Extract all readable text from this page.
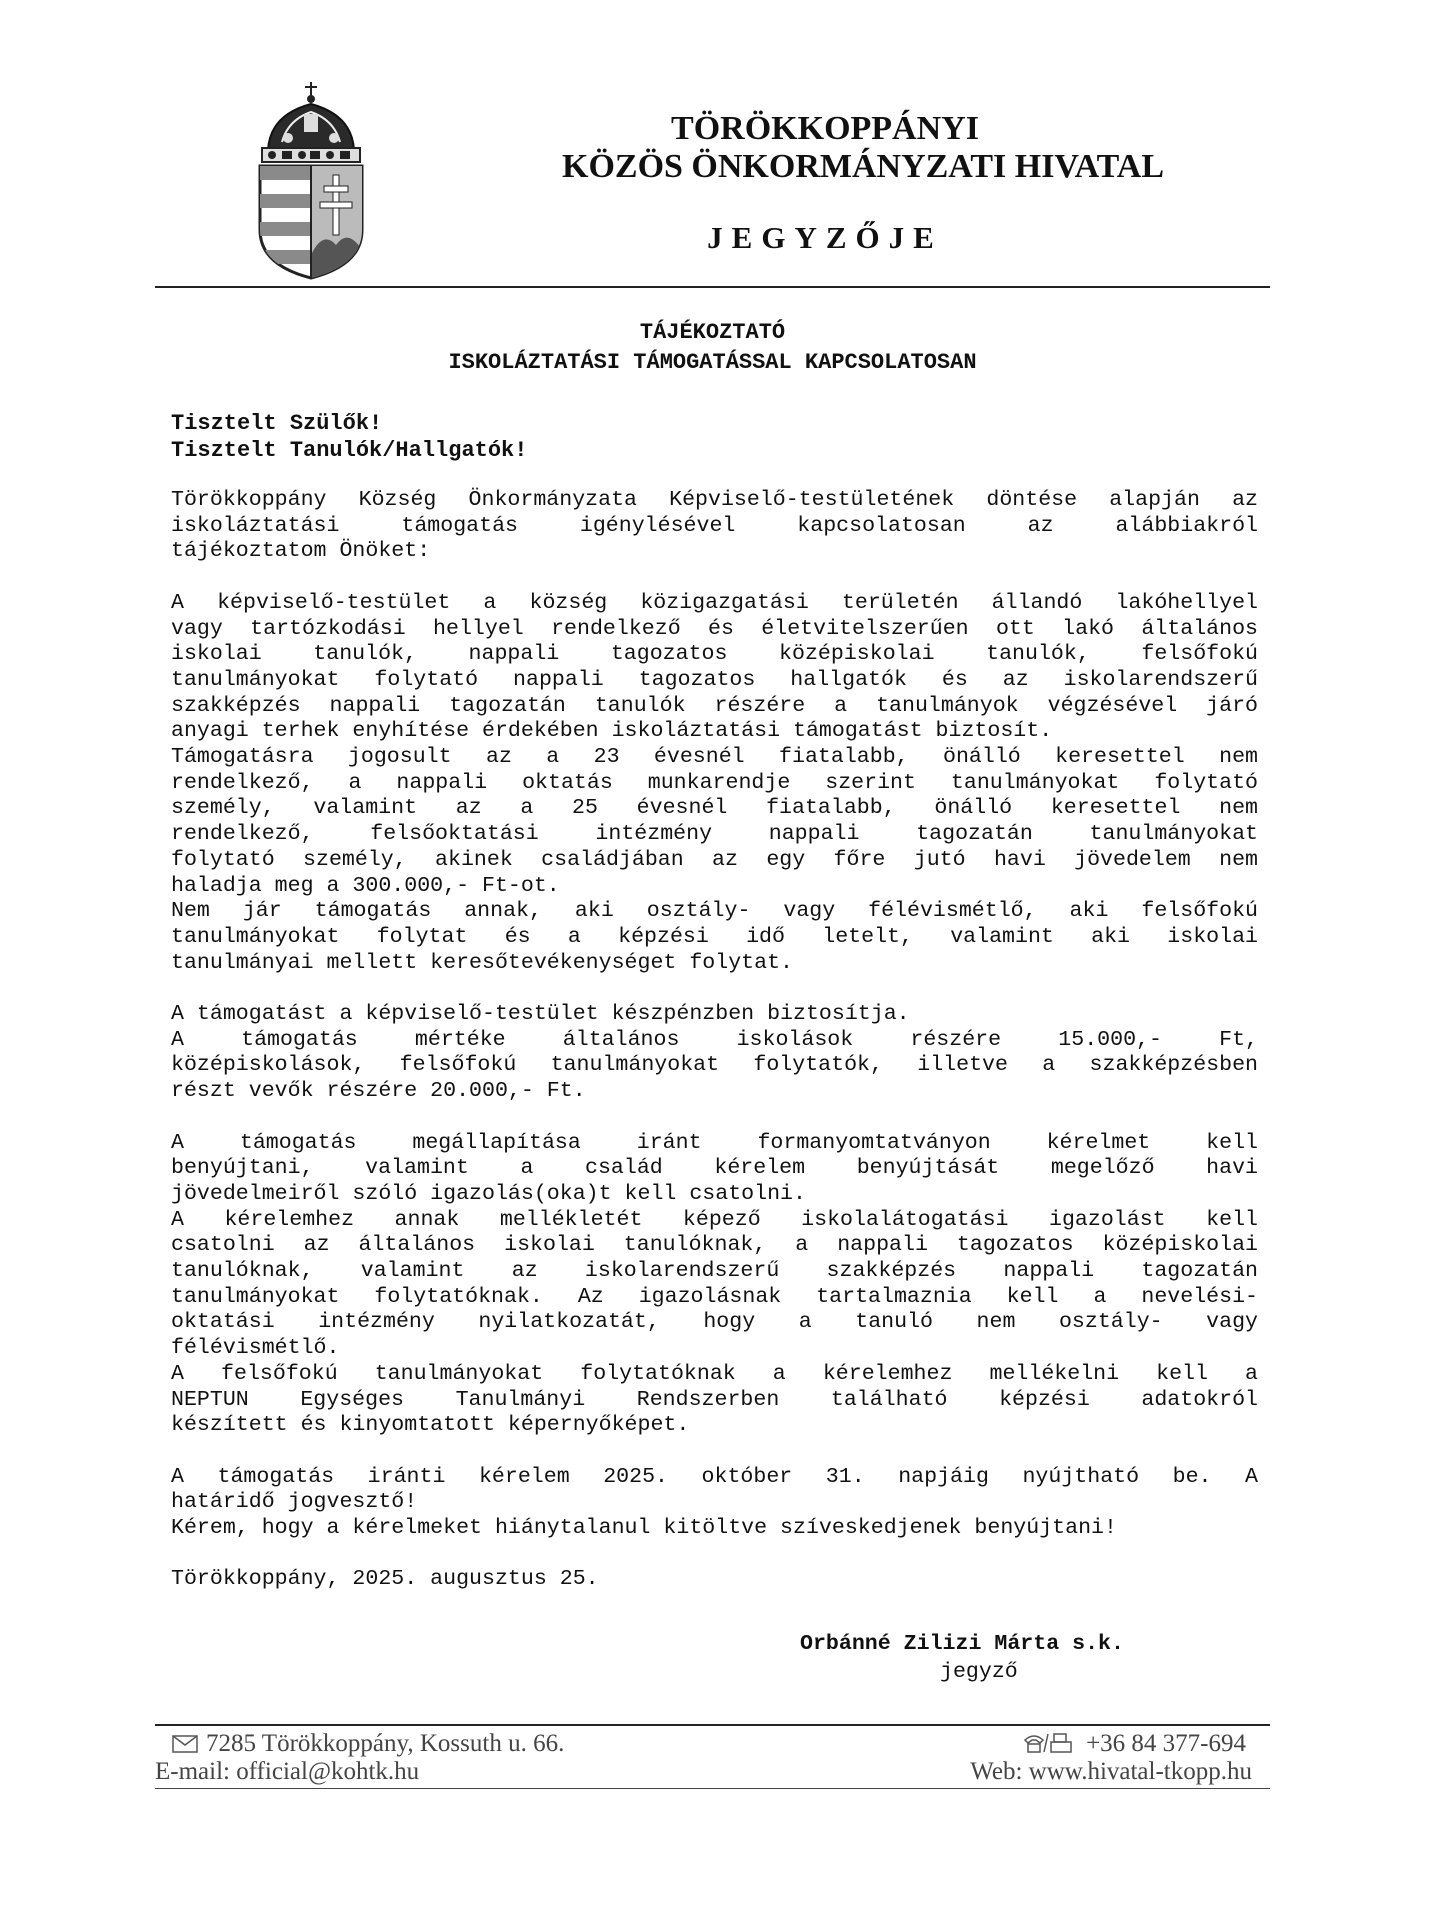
TÖRÖKKOPPÁNYI
KÖZÖS ÖNKORMÁNYZATI HIVATAL
JEGYZŐJE
TÁJÉKOZTATÓ
ISKOLÁZTATÁSI TÁMOGATÁSSAL KAPCSOLATOSAN
Tisztelt Szülők!
Tisztelt Tanulók/Hallgatók!

Törökkoppány Község Önkormányzata Képviselő-testületének döntése alapján az

iskoláztatási támogatás igénylésével kapcsolatosan az alábbiakról

tájékoztatom Önöket:

A képviselő-testület a község közigazgatási területén állandó lakóhellyel

vagy tartózkodási hellyel rendelkező és életvitelszerűen ott lakó általános

iskolai tanulók, nappali tagozatos középiskolai tanulók, felsőfokú

tanulmányokat folytató nappali tagozatos hallgatók és az iskolarendszerű

szakképzés nappali tagozatán tanulók részére a tanulmányok végzésével járó

anyagi terhek enyhítése érdekében iskoláztatási támogatást biztosít.

Támogatásra jogosult az a 23 évesnél fiatalabb, önálló keresettel nem

rendelkező, a nappali oktatás munkarendje szerint tanulmányokat folytató

személy, valamint az a 25 évesnél fiatalabb, önálló keresettel nem

rendelkező, felsőoktatási intézmény nappali tagozatán tanulmányokat

folytató személy, akinek családjában az egy főre jutó havi jövedelem nem

haladja meg a 300.000,- Ft-ot.

Nem jár támogatás annak, aki osztály- vagy félévismétlő, aki felsőfokú

tanulmányokat folytat és a képzési idő letelt, valamint aki iskolai

tanulmányai mellett keresőtevékenységet folytat.

A támogatást a képviselő-testület készpénzben biztosítja.

A támogatás mértéke általános iskolások részére 15.000,- Ft,

középiskolások, felsőfokú tanulmányokat folytatók, illetve a szakképzésben

részt vevők részére 20.000,- Ft.

A támogatás megállapítása iránt formanyomtatványon kérelmet kell

benyújtani, valamint a család kérelem benyújtását megelőző havi

jövedelmeiről szóló igazolás(oka)t kell csatolni.

A kérelemhez annak mellékletét képező iskolalátogatási igazolást kell

csatolni az általános iskolai tanulóknak, a nappali tagozatos középiskolai

tanulóknak, valamint az iskolarendszerű szakképzés nappali tagozatán

tanulmányokat folytatóknak. Az igazolásnak tartalmaznia kell a nevelési-

oktatási intézmény nyilatkozatát, hogy a tanuló nem osztály- vagy

félévismétlő.

A felsőfokú tanulmányokat folytatóknak a kérelemhez mellékelni kell a

NEPTUN Egységes Tanulmányi Rendszerben található képzési adatokról

készített és kinyomtatott képernyőképet.

A támogatás iránti kérelem 2025. október 31. napjáig nyújtható be. A

határidő jogvesztő!

Kérem, hogy a kérelmeket hiánytalanul kitöltve szíveskedjenek benyújtani!

Törökkoppány, 2025. augusztus 25.

Orbánné Zilizi Márta s.k.
jegyző
7285 Törökkoppány, Kossuth u. 66.
E-mail: official@kohtk.hu
+36 84 377-694
Web: www.hivatal-tkopp.hu
